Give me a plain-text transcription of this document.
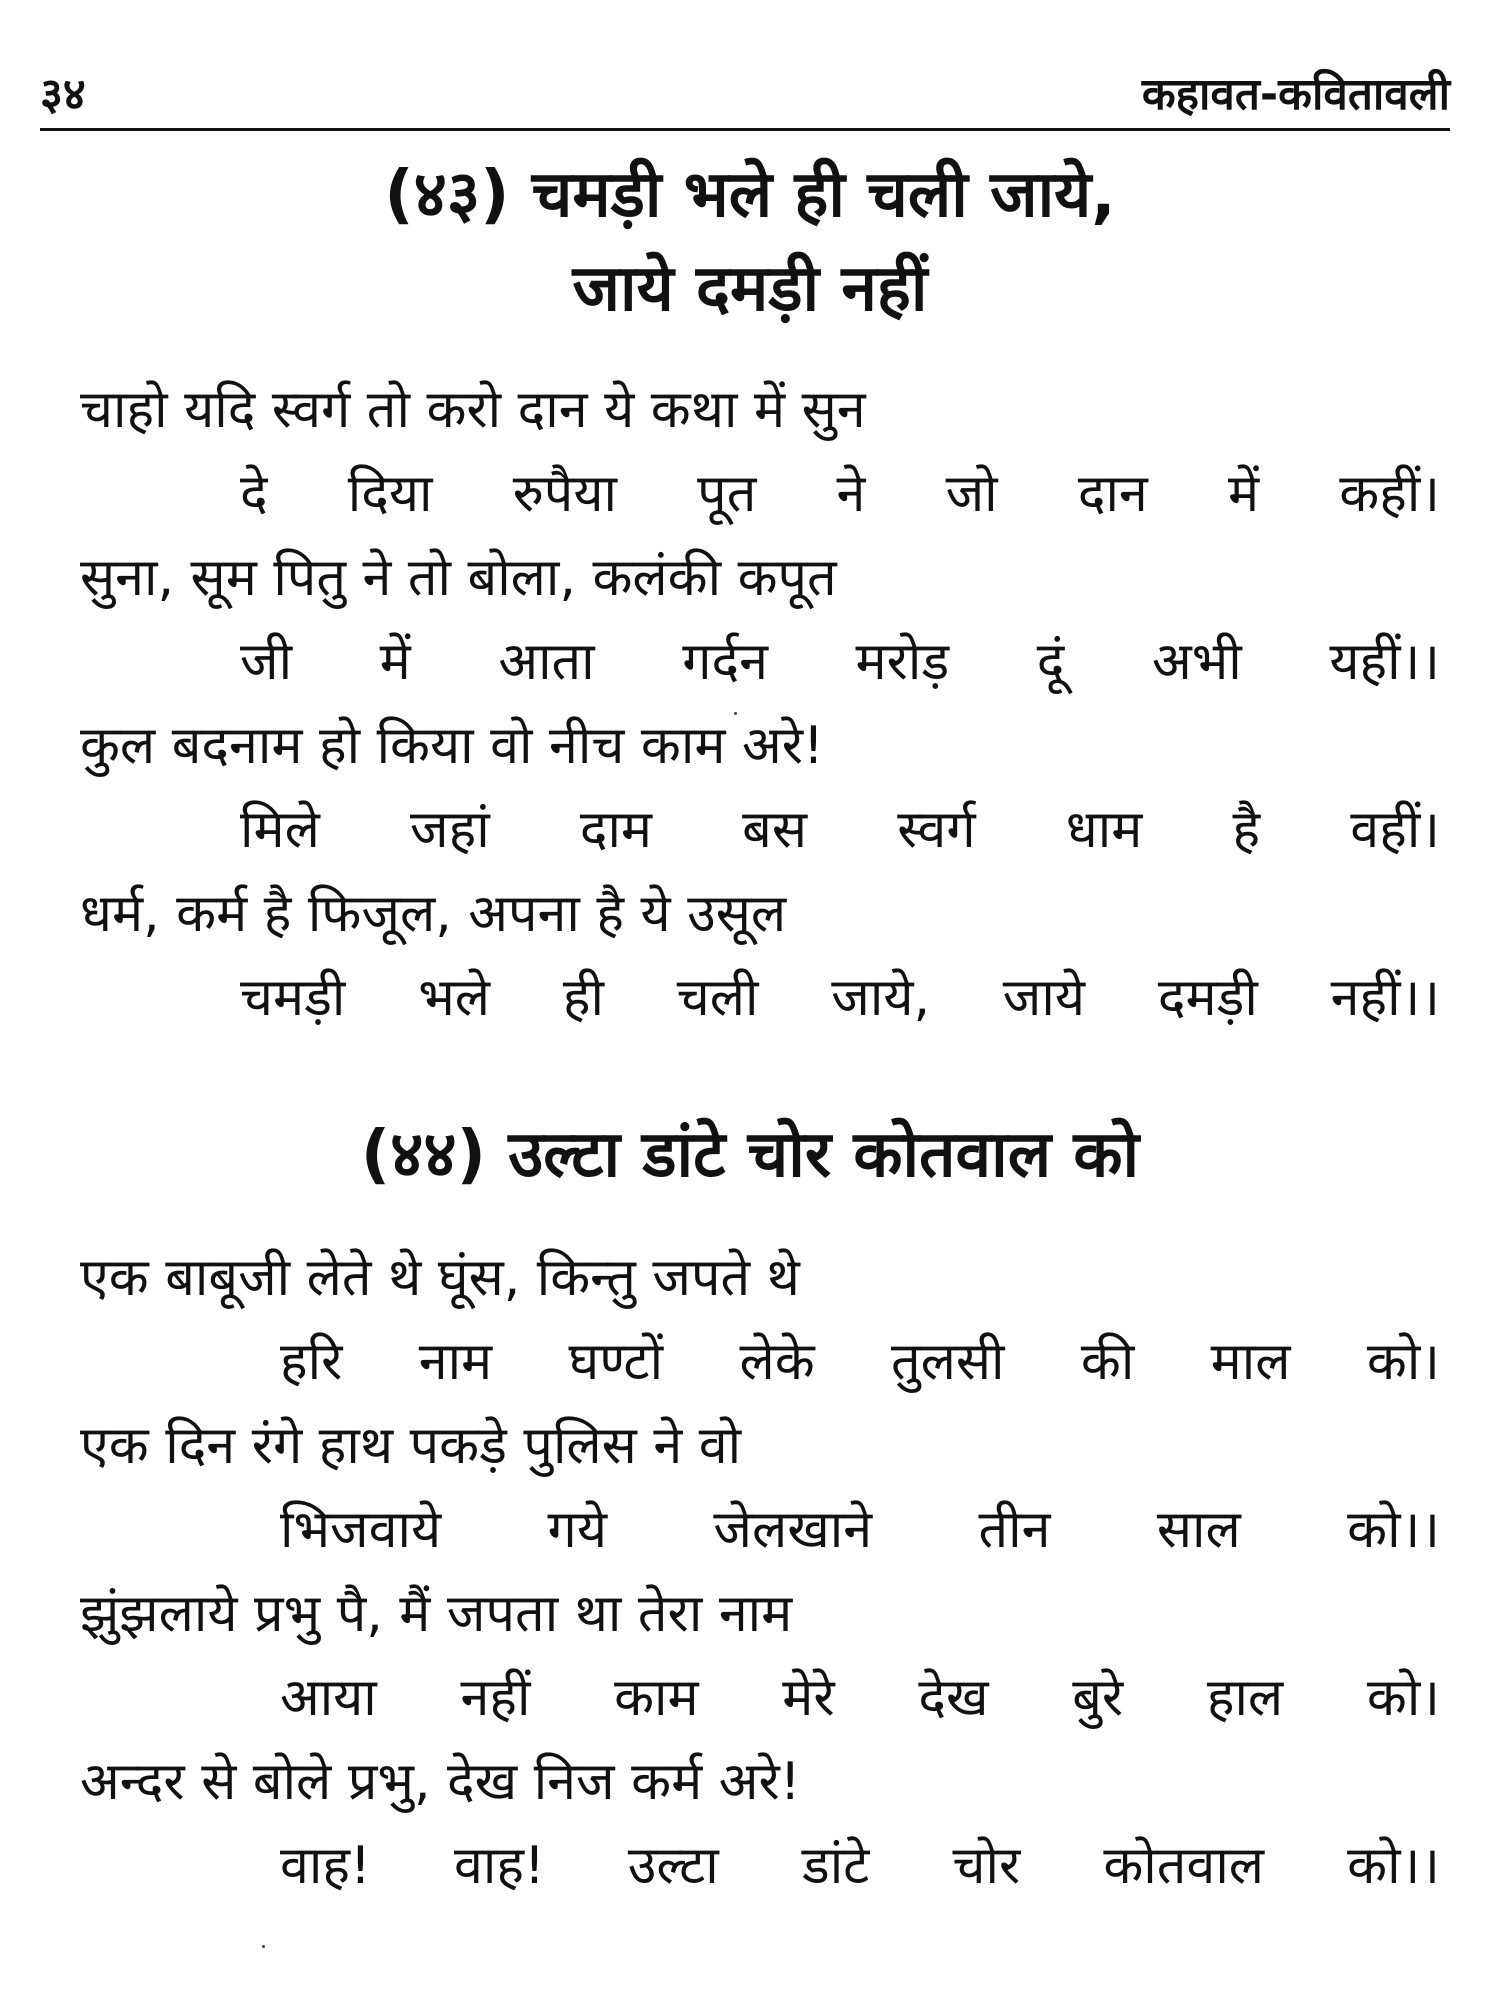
३४	कहावत-कवितावली
(४३) चमड़ी भले ही चली जाये,
जाये दमड़ी नहीं
चाहो यदि स्वर्ग तो करो दान ये कथा में सुन
दे दिया रुपैया पूत ने जो दान में कहीं।
सुना, सूम पितु ने तो बोला, कलंकी कपूत
जी में आता गर्दन मरोड़ दूं अभी यहीं।।
कुल बदनाम हो किया वो नीच काम अरे!
मिले जहां दाम बस स्वर्ग धाम है वहीं।
धर्म, कर्म है फिजूल, अपना है ये उसूल
चमड़ी भले ही चली जाये, जाये दमड़ी नहीं।।
(४४) उल्टा डांटे चोर कोतवाल को
एक बाबूजी लेते थे घूंस, किन्तु जपते थे
हरि नाम घण्टों लेके तुलसी की माल को।
एक दिन रंगे हाथ पकड़े पुलिस ने वो
भिजवाये गये जेलखाने तीन साल को।।
झुंझलाये प्रभु पै, मैं जपता था तेरा नाम
आया नहीं काम मेरे देख बुरे हाल को।
अन्दर से बोले प्रभु, देख निज कर्म अरे!
वाह! वाह! उल्टा डांटे चोर कोतवाल को।।
